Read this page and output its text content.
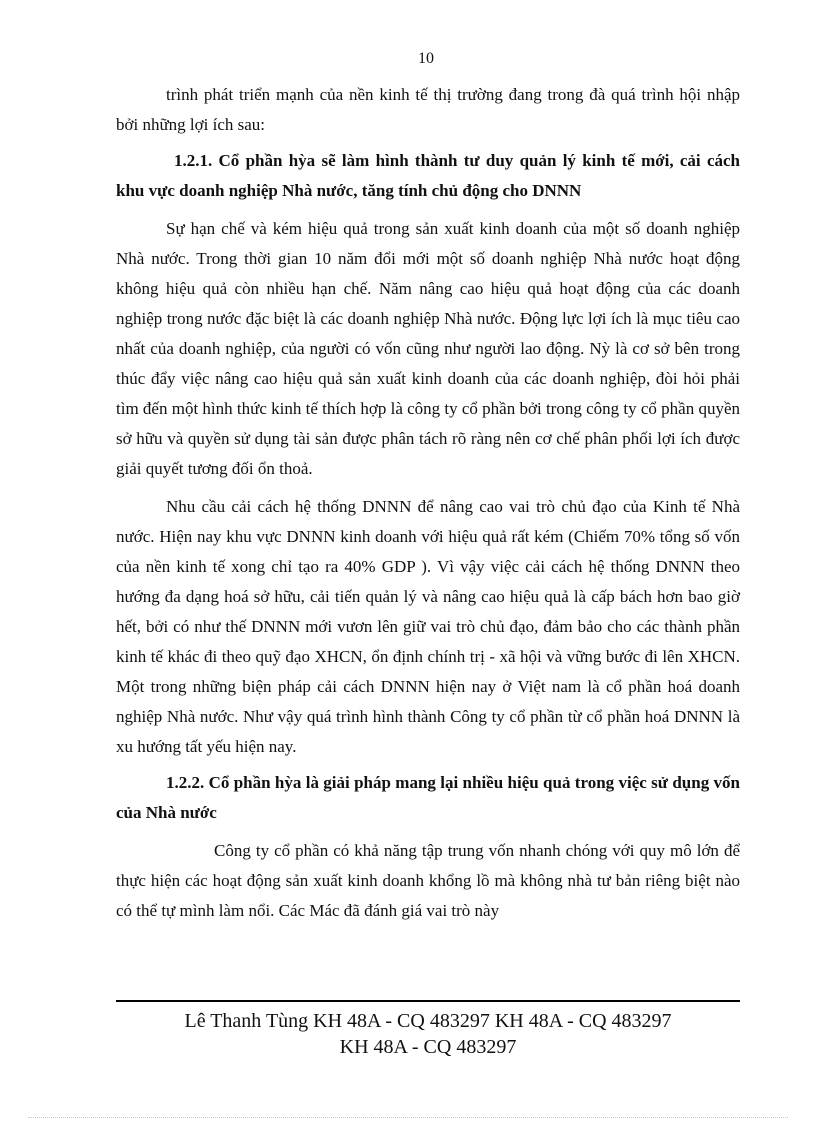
10

trình phát triển mạnh của nền kinh tế thị trường đang trong đà quá trình hội nhập bởi những lợi ích sau:

1.2.1. Cổ phần hỳa sẽ làm hình thành tư duy quản lý kinh tế mới, cải cách khu vực doanh nghiệp Nhà nước, tăng tính chủ động cho DNNN

Sự hạn chế và kém hiệu quả trong sản xuất kinh doanh của một số doanh nghiệp Nhà nước. Trong thời gian 10 năm đổi mới một số doanh nghiệp Nhà nước hoạt động không hiệu quả còn nhiều hạn chế. Năm nâng cao hiệu quả hoạt động của các doanh nghiệp trong nước đặc biệt là các doanh nghiệp Nhà nước. Động lực lợi ích là mục tiêu cao nhất của doanh nghiệp, của người có vốn cũng như người lao động. Nỳ là cơ sở bên trong thúc đẩy việc nâng cao hiệu quả sản xuất kinh doanh của các doanh nghiệp, đòi hỏi phải tìm đến một hình thức kinh tế thích hợp là công ty cổ phần bởi trong công ty cổ phần quyền sở hữu và quyền sử dụng tài sản được phân tách rõ ràng nên cơ chế phân phối lợi ích được giải quyết tương đối ổn thoả.

Nhu cầu cải cách hệ thống DNNN để nâng cao vai trò chủ đạo của Kinh tế Nhà nước. Hiện nay khu vực DNNN kinh doanh với hiệu quả rất kém (Chiếm 70% tổng số vốn của nền kinh tế xong chỉ tạo ra 40% GDP ). Vì vậy việc cải cách hệ thống DNNN theo hướng đa dạng hoá sở hữu, cải tiến quản lý và nâng cao hiệu quả là cấp bách hơn bao giờ hết, bởi có như thế DNNN mới vươn lên giữ vai trò chủ đạo, đảm bảo cho các thành phần kinh tế khác đi theo quỹ đạo XHCN, ổn định chính trị - xã hội và vững bước đi lên XHCN. Một trong những biện pháp cải cách DNNN hiện nay ở Việt nam là cổ phần hoá doanh nghiệp Nhà nước. Như vậy quá trình hình thành Công ty cổ phần từ cổ phần hoá DNNN là xu hướng tất yếu hiện nay.

1.2.2. Cổ phần hỳa là giải pháp mang lại nhiều hiệu quả trong việc sử dụng vốn của Nhà nước

Công ty cổ phần có khả năng tập trung vốn nhanh chóng với quy mô lớn để thực hiện các hoạt động sản xuất kinh doanh khổng lồ mà không nhà tư bản riêng biệt nào có thể tự mình làm nổi. Các Mác đã đánh giá vai trò này

Lê Thanh Tùng KH 48A - CQ 483297 KH 48A - CQ 483297
KH 48A - CQ 483297
